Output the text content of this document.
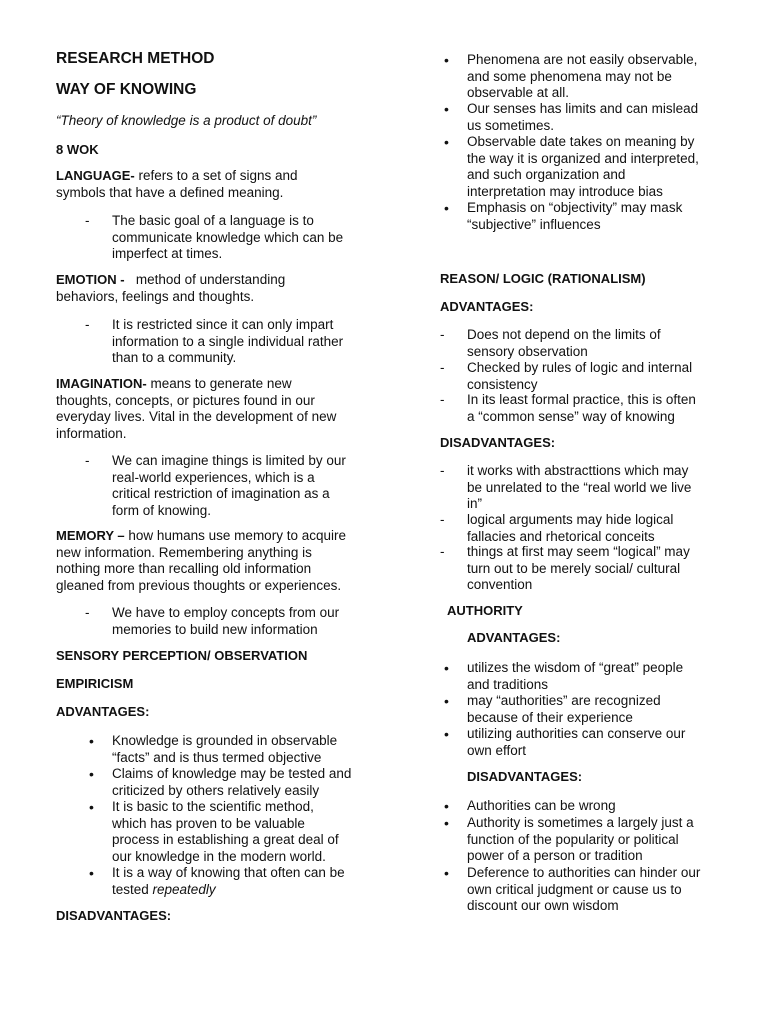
RESEARCH METHOD
WAY OF KNOWING
“Theory of knowledge is a product of doubt”
8 WOK
LANGUAGE- refers to a set of signs and
symbols that have a defined meaning.
- The basic goal of a language is to
communicate knowledge which can be
imperfect at times.
EMOTION -   method of understanding
behaviors, feelings and thoughts.
- It is restricted since it can only impart
information to a single individual rather
than to a community.
IMAGINATION- means to generate new
thoughts, concepts, or pictures found in our
everyday lives. Vital in the development of new
information.
- We can imagine things is limited by our
real-world experiences, which is a
critical restriction of imagination as a
form of knowing.
MEMORY – how humans use memory to acquire
new information. Remembering anything is
nothing more than recalling old information
gleaned from previous thoughts or experiences.
- We have to employ concepts from our
memories to build new information
SENSORY PERCEPTION/ OBSERVATION
EMPIRICISM
ADVANTAGES:
• Knowledge is grounded in observable
“facts” and is thus termed objective
• Claims of knowledge may be tested and
criticized by others relatively easily
• It is basic to the scientific method,
which has proven to be valuable
process in establishing a great deal of
our knowledge in the modern world.
• It is a way of knowing that often can be
tested repeatedly
DISADVANTAGES:
• Phenomena are not easily observable,
and some phenomena may not be
observable at all.
• Our senses has limits and can mislead
us sometimes.
• Observable date takes on meaning by
the way it is organized and interpreted,
and such organization and
interpretation may introduce bias
• Emphasis on “objectivity” may mask
“subjective” influences
REASON/ LOGIC (RATIONALISM)
ADVANTAGES:
- Does not depend on the limits of
sensory observation
- Checked by rules of logic and internal
consistency
- In its least formal practice, this is often
a “common sense” way of knowing
DISADVANTAGES:
- it works with abstracttions which may
be unrelated to the “real world we live
in”
- logical arguments may hide logical
fallacies and rhetorical conceits
- things at first may seem “logical” may
turn out to be merely social/ cultural
convention
AUTHORITY
ADVANTAGES:
• utilizes the wisdom of “great” people
and traditions
• may “authorities” are recognized
because of their experience
• utilizing authorities can conserve our
own effort
DISADVANTAGES:
• Authorities can be wrong
• Authority is sometimes a largely just a
function of the popularity or political
power of a person or tradition
• Deference to authorities can hinder our
own critical judgment or cause us to
discount our own wisdom
